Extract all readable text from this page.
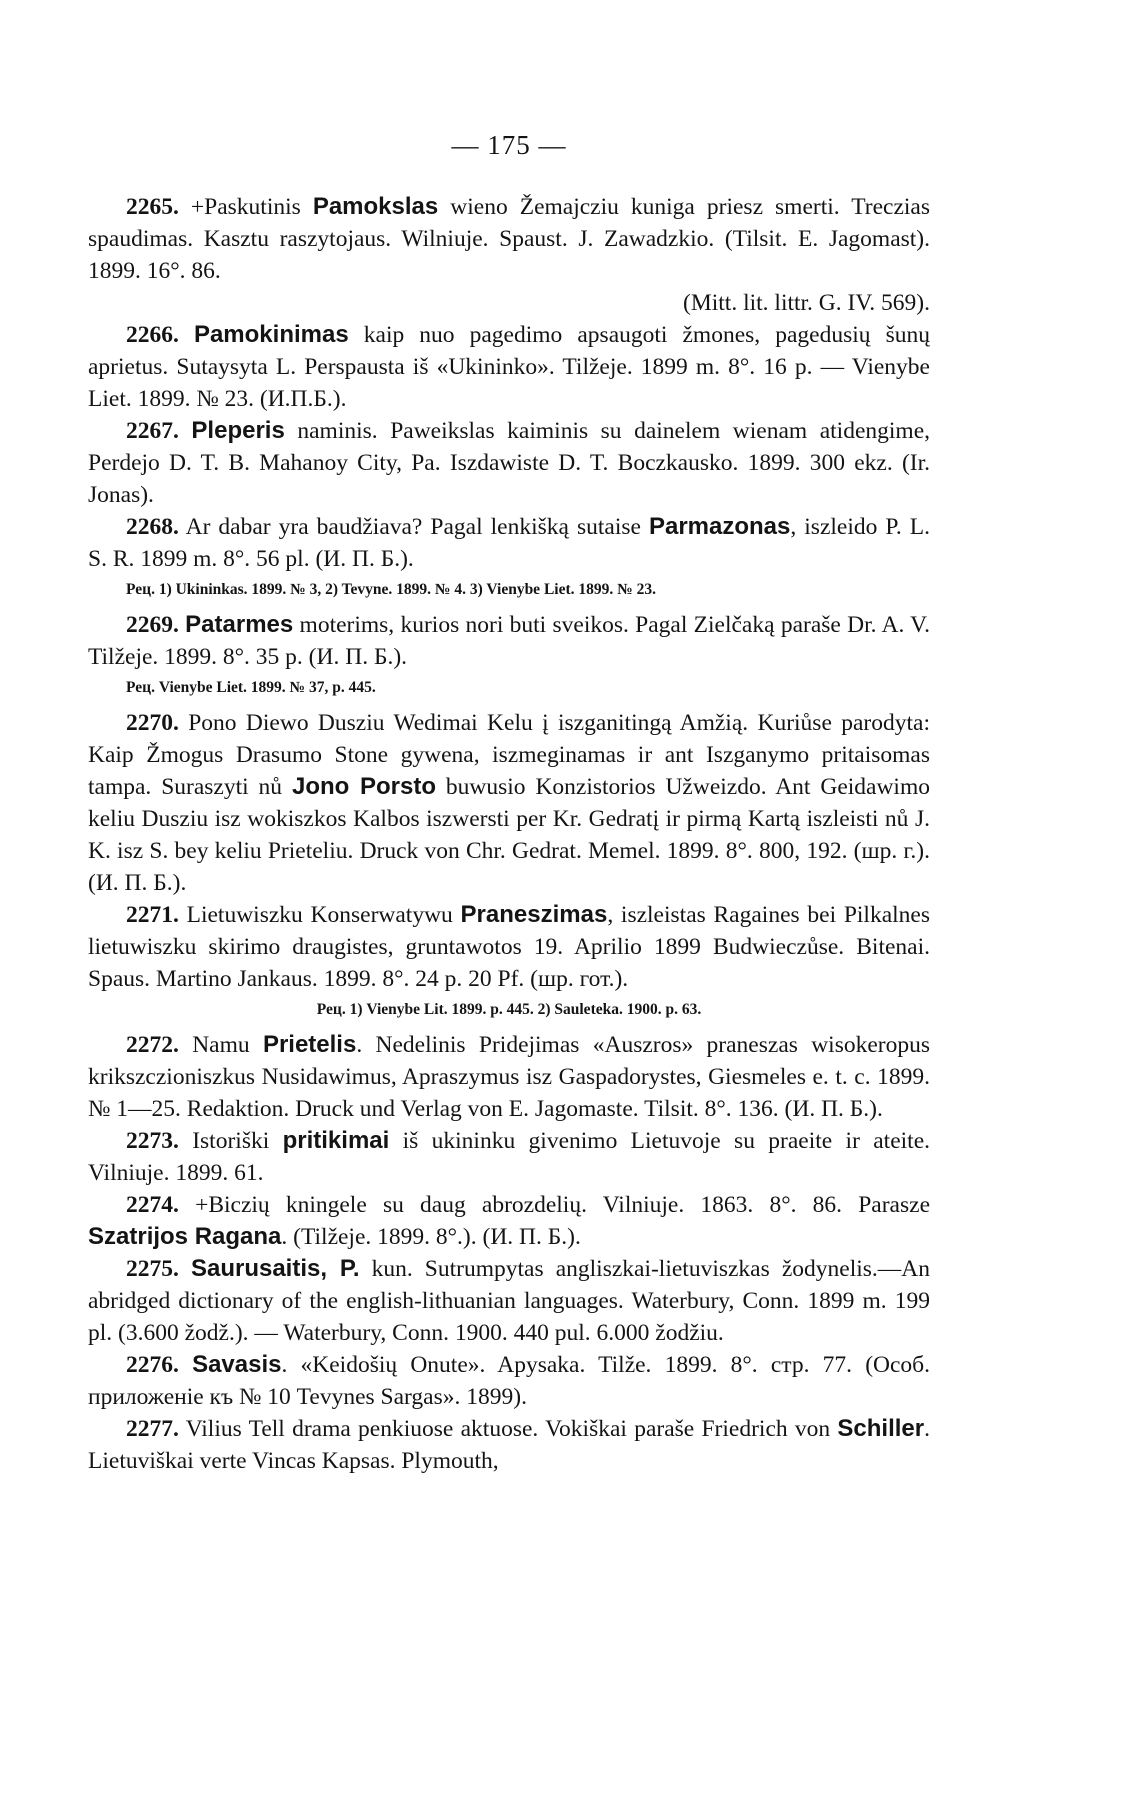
— 175 —

2265. +Paskutinis Pamokslas wieno Žemajcziu kuniga priesz smerti. Treczias spaudimas. Kasztu raszytojaus. Wilniuje. Spaust. J. Zawadzkio. (Tilsit. E. Jagomast). 1899. 16°. 86.
(Mitt. lit. littr. G. IV. 569).

2266. Pamokinimas kaip nuo pagedimo apsaugoti žmones, pagedusių šunų aprietus. Sutaysyta L. Perspausta iš «Ukininko». Tilžeje. 1899 m. 8°. 16 p. — Vienybe Liet. 1899. № 23. (И.П.Б.).

2267. Pleperis naminis. Paweikslas kaiminis su dainelem wienam atidengime, Perdejo D. T. B. Mahanoy City, Pa. Iszdawiste D. T. Boczkausko. 1899. 300 ekz. (Ir. Jonas).

2268. Ar dabar yra baudžiava? Pagal lenkišką sutaise Parmazonas, iszleido P. L. S. R. 1899 m. 8°. 56 pl. (И. П. Б.).

Рец. 1) Ukininkas. 1899. № 3, 2) Tevyne. 1899. № 4. 3) Vienybe Liet. 1899. № 23.

2269. Patarmes moterims, kurios nori buti sveikos. Pagal Zielčaką paraše Dr. A. V. Tilžeje. 1899. 8°. 35 p. (И. П. Б.).

Рец. Vienybe Liet. 1899. № 37, p. 445.

2270. Pono Diewo Dusziu Wedimai Kelu į iszganitingą Amžią. Kuriůse parodyta: Kaip Žmogus Drasumo Stone gywena, iszmeginamas ir ant Iszganymo pritaisomas tampa. Suraszyti nů Jono Porsto buwusio Konzistorios Užweizdo. Ant Geidawimo keliu Dusziu isz wokiszkos Kalbos iszwersti per Kr. Gedratį ir pirmą Kartą iszleisti nů J. K. isz S. bey keliu Prieteliu. Druck von Chr. Gedrat. Memel. 1899. 8°. 800, 192. (шр. г.). (И. П. Б.).

2271. Lietuwiszku Konserwatywu Praneszimas, iszleistas Ragaines bei Pilkalnes lietuwiszku skirimo draugistes, gruntawotos 19. Aprilio 1899 Budwieczůse. Bitenai. Spaus. Martino Jankaus. 1899. 8°. 24 p. 20 Pf. (шр. гот.).

Рец. 1) Vienybe Lit. 1899. p. 445. 2) Sauleteka. 1900. p. 63.

2272. Namu Prietelis. Nedelinis Pridejimas «Auszros» praneszas wisokeropus krikszczioniszkus Nusidawimus, Apraszymus isz Gaspadorystes, Giesmeles e. t. c. 1899. № 1—25. Redaktion. Druck und Verlag von E. Jagomaste. Tilsit. 8°. 136. (И. П. Б.).

2273. Istoriški pritikimai iš ukininku givenimo Lietuvoje su praeite ir ateite. Vilniuje. 1899. 61.

2274. +Biczių kningele su daug abrozdelių. Vilniuje. 1863. 8°. 86. Parasze Szatrijos Ragana. (Tilžeje. 1899. 8°.). (И. П. Б.).

2275. Saurusaitis, P. kun. Sutrumpytas angliszkai-lietuviszkas žodynelis.—An abridged dictionary of the english-lithuanian languages. Waterbury, Conn. 1899 m. 199 pl. (3.600 žodž.). — Waterbury, Conn. 1900. 440 pul. 6.000 žodžiu.

2276. Savasis. «Keidošių Onute». Apysaka. Tilže. 1899. 8°. стр. 77. (Особ. приложеніе къ № 10 Tevynes Sargas». 1899).

2277. Vilius Tell drama penkiuose aktuose. Vokiškai paraše Friedrich von Schiller. Lietuviškai verte Vincas Kapsas. Plymouth,
